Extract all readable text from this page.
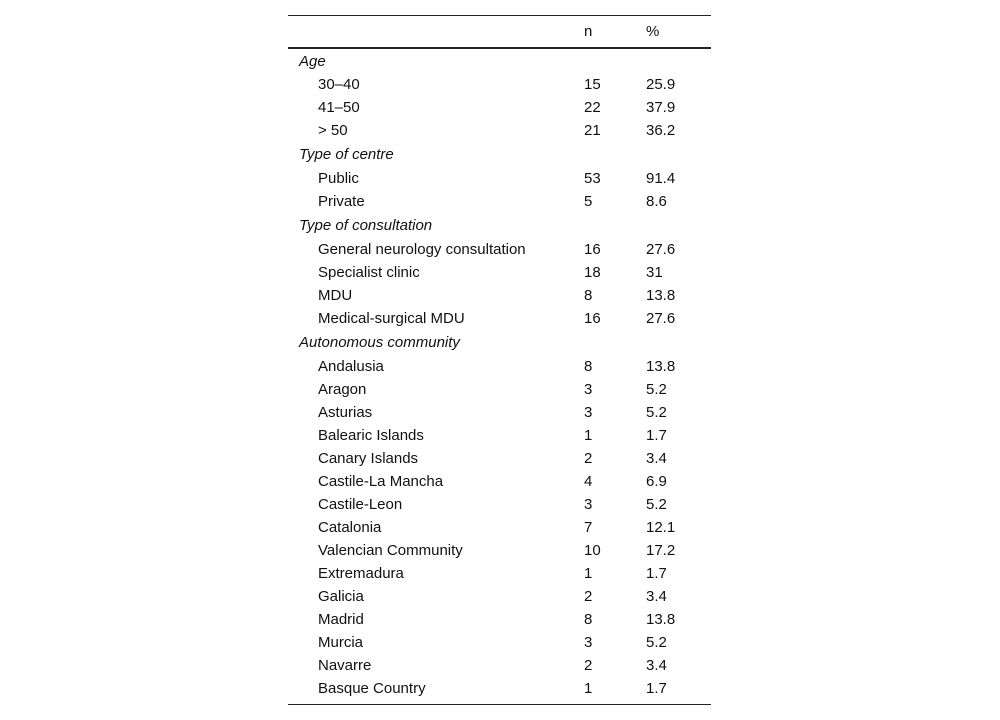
	n	%
Age		
30–40	15	25.9
41–50	22	37.9
> 50	21	36.2
Type of centre		
Public	53	91.4
Private	5	8.6
Type of consultation		
General neurology consultation	16	27.6
Specialist clinic	18	31
MDU	8	13.8
Medical-surgical MDU	16	27.6
Autonomous community		
Andalusia	8	13.8
Aragon	3	5.2
Asturias	3	5.2
Balearic Islands	1	1.7
Canary Islands	2	3.4
Castile-La Mancha	4	6.9
Castile-Leon	3	5.2
Catalonia	7	12.1
Valencian Community	10	17.2
Extremadura	1	1.7
Galicia	2	3.4
Madrid	8	13.8
Murcia	3	5.2
Navarre	2	3.4
Basque Country	1	1.7
